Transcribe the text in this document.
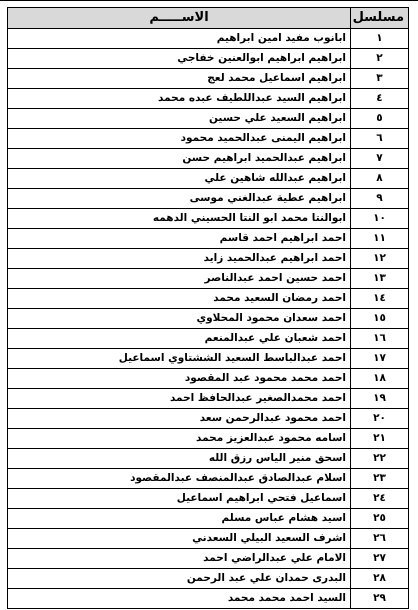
مسلسل	الاســـــم
١	ابانوب مفيد امين ابراهيم
٢	ابراهيم ابراهيم ابوالعنين خفاجي
٣	ابراهيم اسماعيل محمد لعج
٤	ابراهيم السيد عبداللطيف عبده محمد
٥	ابراهيم السعيد علي حسين
٦	ابراهيم اليمنى عبدالحميد محمود
٧	ابراهيم عبدالحميد ابراهيم حسن
٨	ابراهيم عبدالله شاهين علي
٩	ابراهيم عطية عبدالغني موسى
١٠	ابوالنتا محمد ابو النتا الحسيني الدهمه
١١	احمد ابراهيم احمد قاسم
١٢	احمد ابراهيم عبدالحميد زايد
١٣	احمد حسين احمد عبدالناصر
١٤	احمد رمضان السعيد محمد
١٥	احمد سعدان محمود المحلاوي
١٦	احمد شعبان علي عبدالمنعم
١٧	احمد عبدالباسط السعيد الششتاوي اسماعيل
١٨	احمد محمد محمود عبد المقصود
١٩	احمد محمدالصغير عبدالحافظ احمد
٢٠	احمد محمود عبدالرحمن سعد
٢١	اسامه محمود عبدالعزيز محمد
٢٢	اسحق منير الياس رزق الله
٢٣	اسلام عبدالصادق عبدالمنصف عبدالمقصود
٢٤	اسماعيل فتحي ابراهيم اسماعيل
٢٥	اسيد هشام عباس مسلم
٢٦	اشرف السعيد البيلي السعدني
٢٧	الامام علي عبدالراضي احمد
٢٨	البدرى حمدان علي عبد الرحمن
٢٩	السيد احمد محمد محمد
